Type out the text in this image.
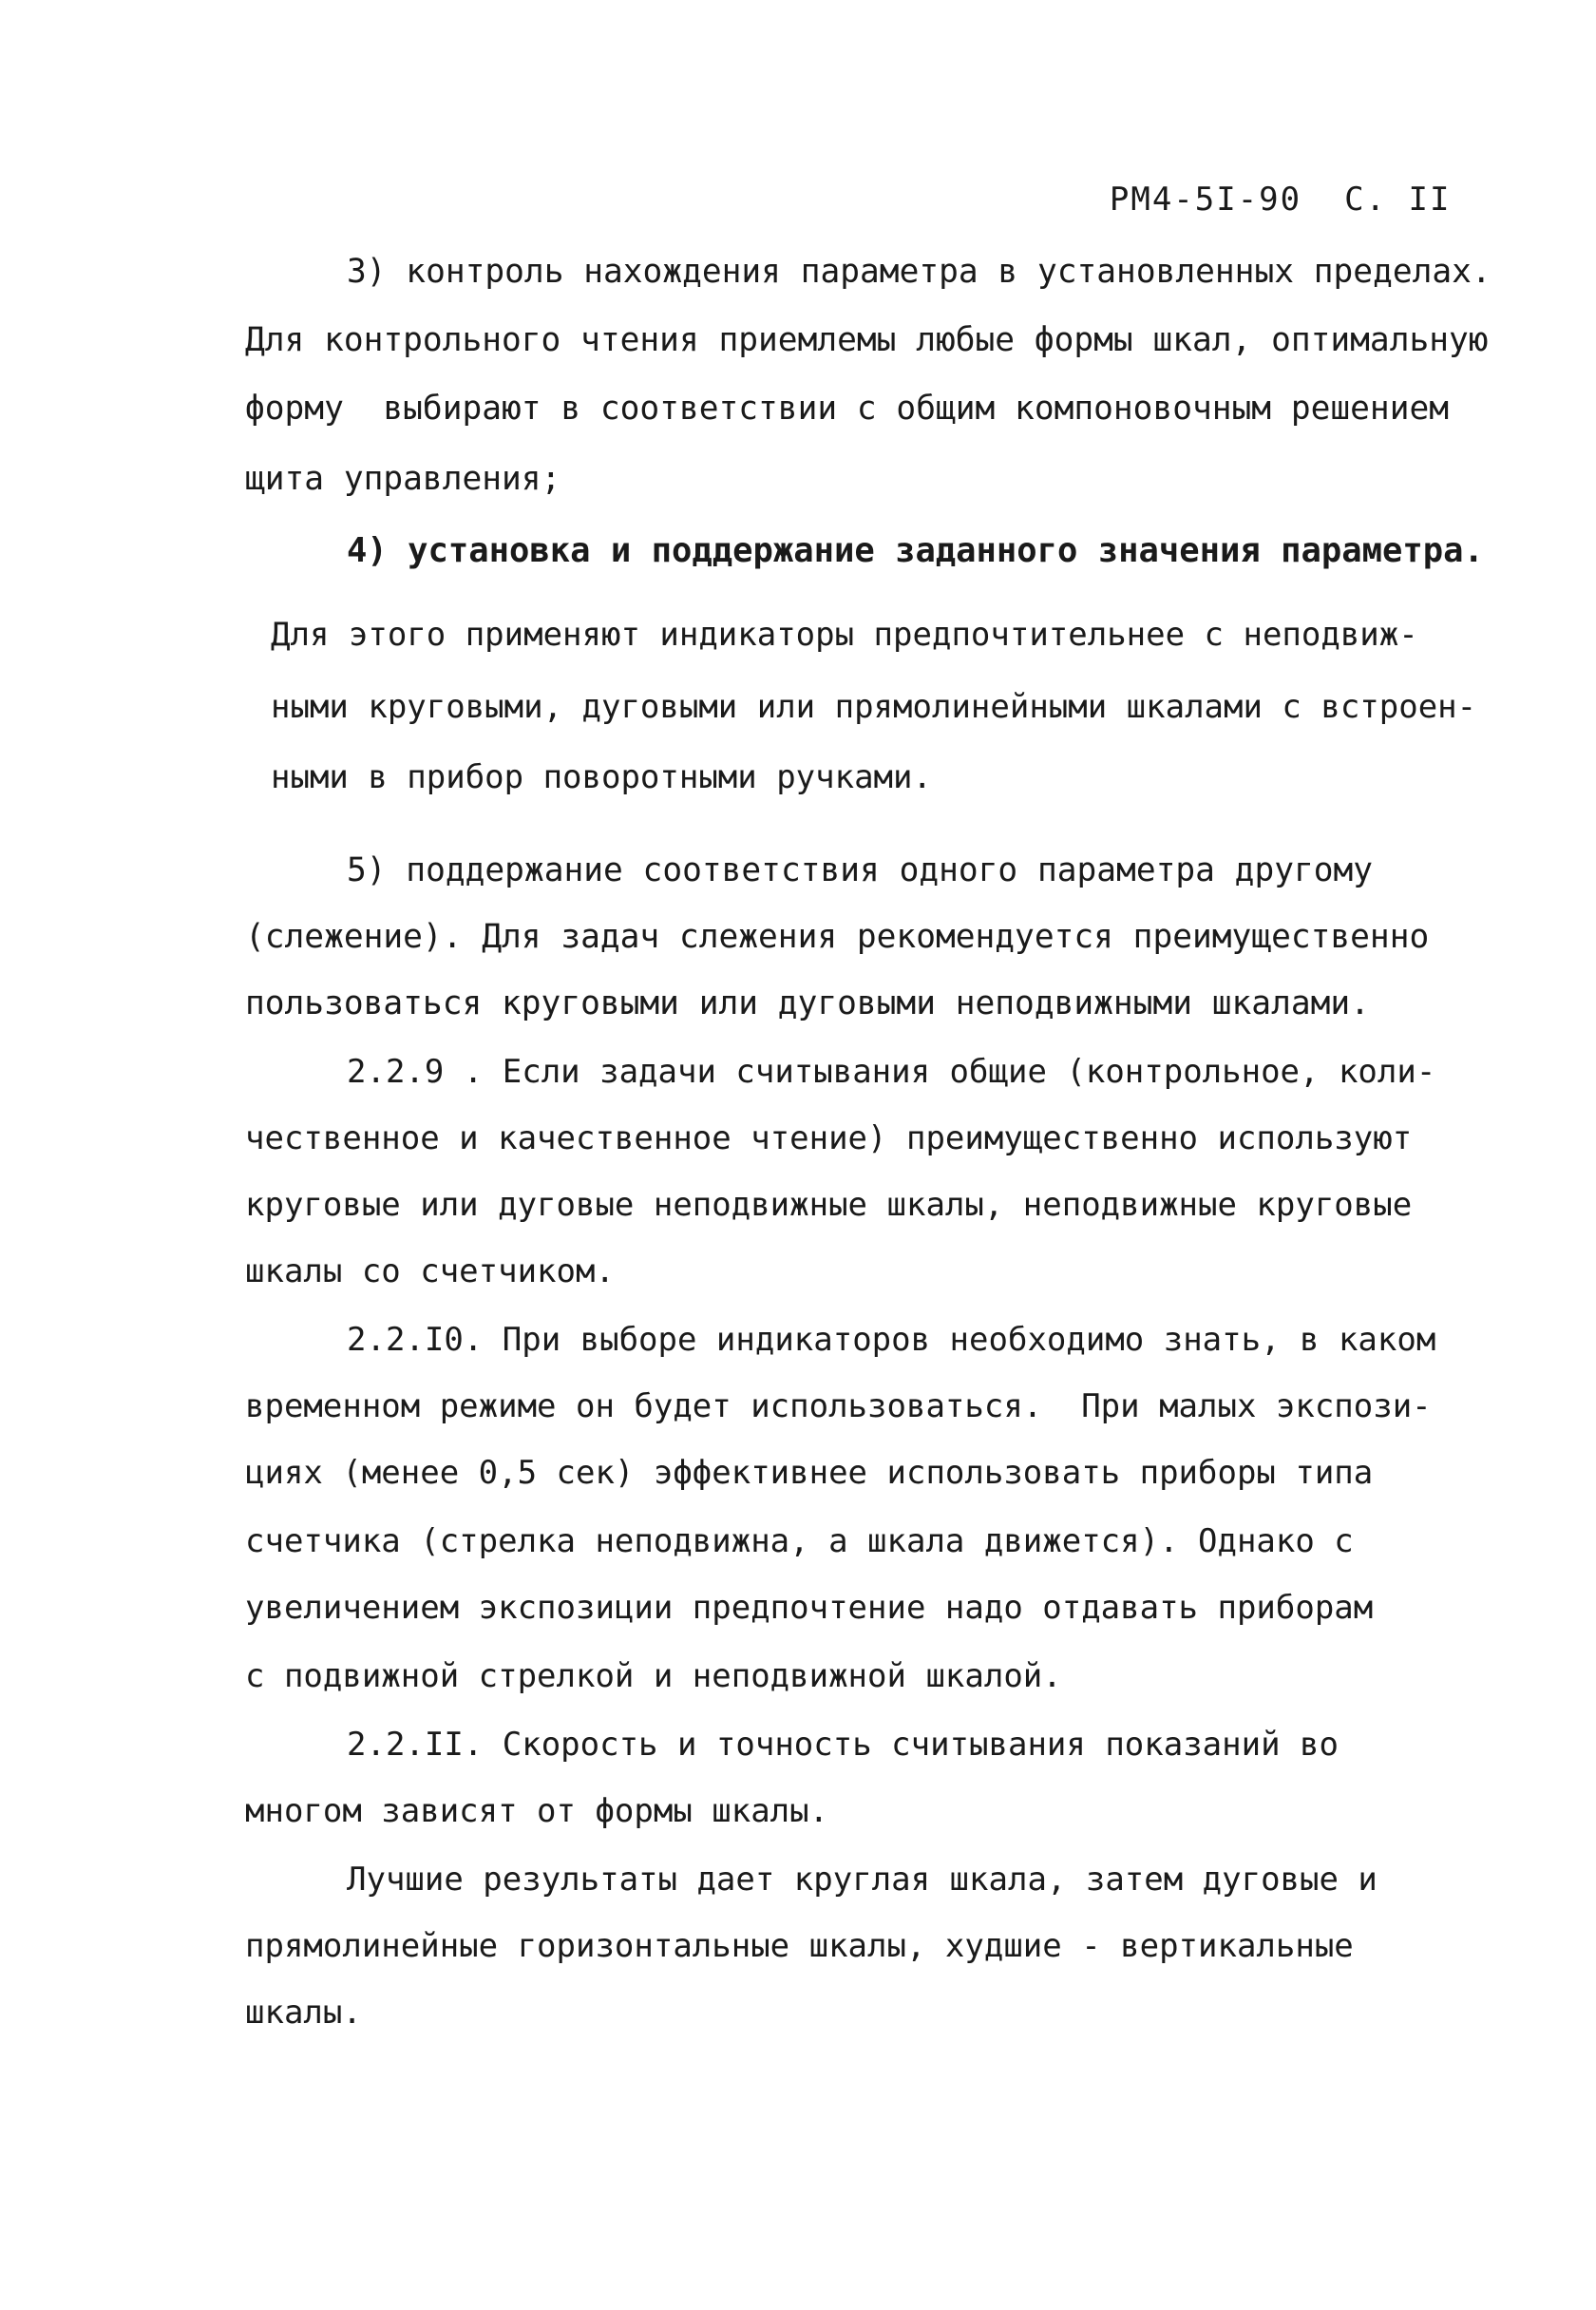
РМ4-5I-90 С. II

3) контроль нахождения параметра в установленных пределах.
Для контрольного чтения приемлемы любые формы шкал, оптимальную
форму  выбирают в соответствии с общим компоновочным решением
щита управления;
4) установка и поддержание заданного значения параметра.
Для этого применяют индикаторы предпочтительнее с неподвиж-
ными круговыми, дуговыми или прямолинейными шкалами с встроен-
ными в прибор поворотными ручками.
5) поддержание соответствия одного параметра другому
(слежение). Для задач слежения рекомендуется преимущественно
пользоваться круговыми или дуговыми неподвижными шкалами.
2.2.9 . Если задачи считывания общие (контрольное, коли-
чественное и качественное чтение) преимущественно используют
круговые или дуговые неподвижные шкалы, неподвижные круговые
шкалы со счетчиком.
2.2.I0. При выборе индикаторов необходимо знать, в каком
временном режиме он будет использоваться.  При малых экспози-
циях (менее 0,5 сек) эффективнее использовать приборы типа
счетчика (стрелка неподвижна, а шкала движется). Однако с
увеличением экспозиции предпочтение надо отдавать приборам
с подвижной стрелкой и неподвижной шкалой.
2.2.II. Скорость и точность считывания показаний во
многом зависят от формы шкалы.
Лучшие результаты дает круглая шкала, затем дуговые и
прямолинейные горизонтальные шкалы, худшие - вертикальные
шкалы.
